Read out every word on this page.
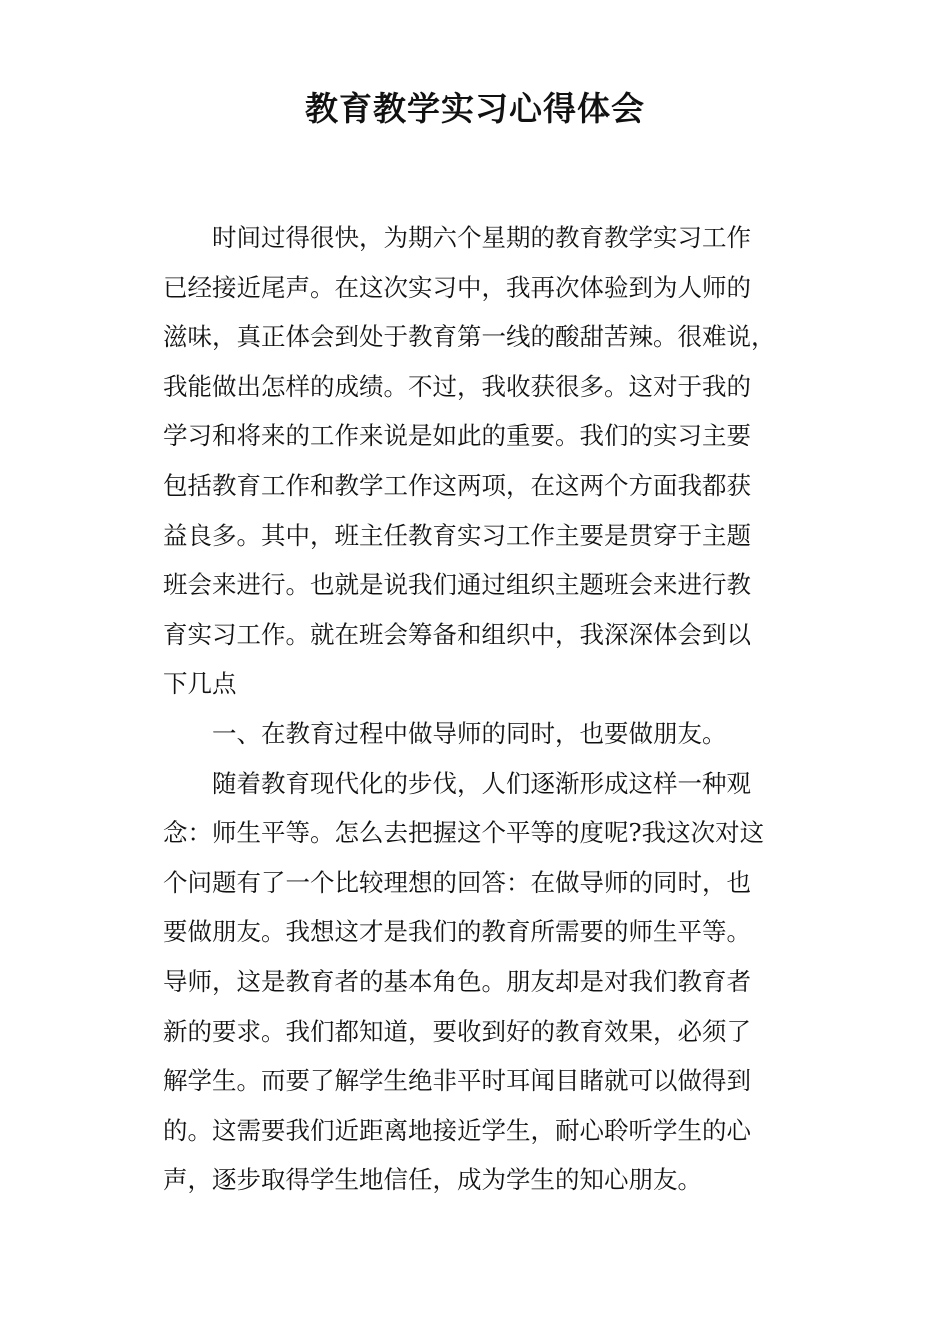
教育教学实习心得体会
时间过得很快，为期六个星期的教育教学实习工作
已经接近尾声。在这次实习中，我再次体验到为人师的
滋味，真正体会到处于教育第一线的酸甜苦辣。很难说，
我能做出怎样的成绩。不过，我收获很多。这对于我的
学习和将来的工作来说是如此的重要。我们的实习主要
包括教育工作和教学工作这两项，在这两个方面我都获
益良多。其中，班主任教育实习工作主要是贯穿于主题
班会来进行。也就是说我们通过组织主题班会来进行教
育实习工作。就在班会筹备和组织中，我深深体会到以
下几点
一、在教育过程中做导师的同时，也要做朋友。
随着教育现代化的步伐，人们逐渐形成这样一种观
念：师生平等。怎么去把握这个平等的度呢?我这次对这
个问题有了一个比较理想的回答：在做导师的同时，也
要做朋友。我想这才是我们的教育所需要的师生平等。
导师，这是教育者的基本角色。朋友却是对我们教育者
新的要求。我们都知道，要收到好的教育效果，必须了
解学生。而要了解学生绝非平时耳闻目睹就可以做得到
的。这需要我们近距离地接近学生，耐心聆听学生的心
声，逐步取得学生地信任，成为学生的知心朋友。
